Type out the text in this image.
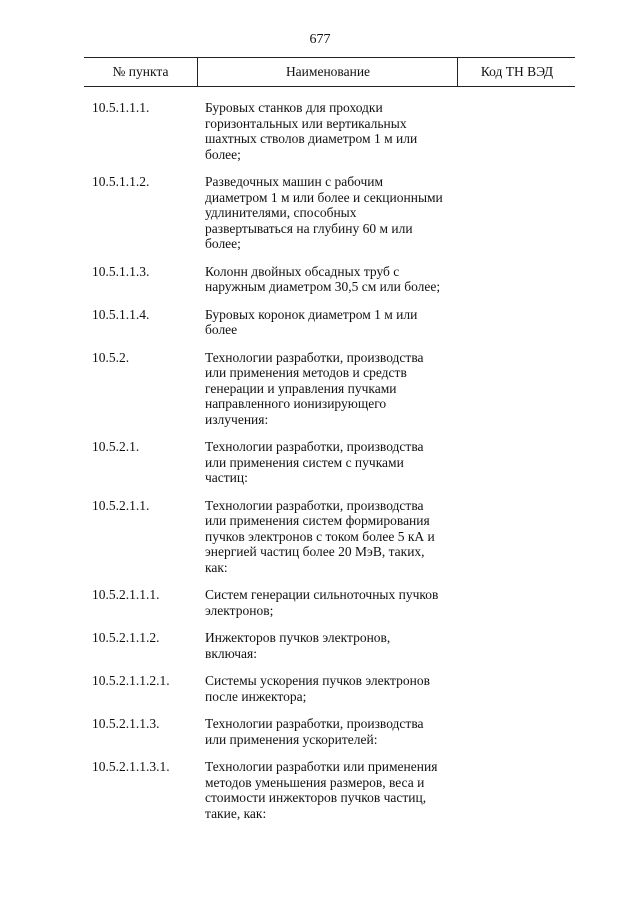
677
№ пункта	Наименование	Код ТН ВЭД
10.5.1.1.1.	Буровых станков для проходки
горизонтальных или вертикальных
шахтных стволов диаметром 1 м или
более;
10.5.1.1.2.	Разведочных машин с рабочим
диаметром 1 м или более и секционными
удлинителями, способных
развертываться на глубину 60 м или
более;
10.5.1.1.3.	Колонн двойных обсадных труб с
наружным диаметром 30,5 см или более;
10.5.1.1.4.	Буровых коронок диаметром 1 м или
более
10.5.2.	Технологии разработки, производства
или применения методов и средств
генерации и управления пучками
направленного ионизирующего
излучения:
10.5.2.1.	Технологии разработки, производства
или применения систем с пучками
частиц:
10.5.2.1.1.	Технологии разработки, производства
или применения систем формирования
пучков электронов с током более 5 кА и
энергией частиц более 20 МэВ, таких,
как:
10.5.2.1.1.1.	Систем генерации сильноточных пучков
электронов;
10.5.2.1.1.2.	Инжекторов пучков электронов,
включая:
10.5.2.1.1.2.1.	Системы ускорения пучков электронов
после инжектора;
10.5.2.1.1.3.	Технологии разработки, производства
или применения ускорителей:
10.5.2.1.1.3.1.	Технологии разработки или применения
методов уменьшения размеров, веса и
стоимости инжекторов пучков частиц,
такие, как:
